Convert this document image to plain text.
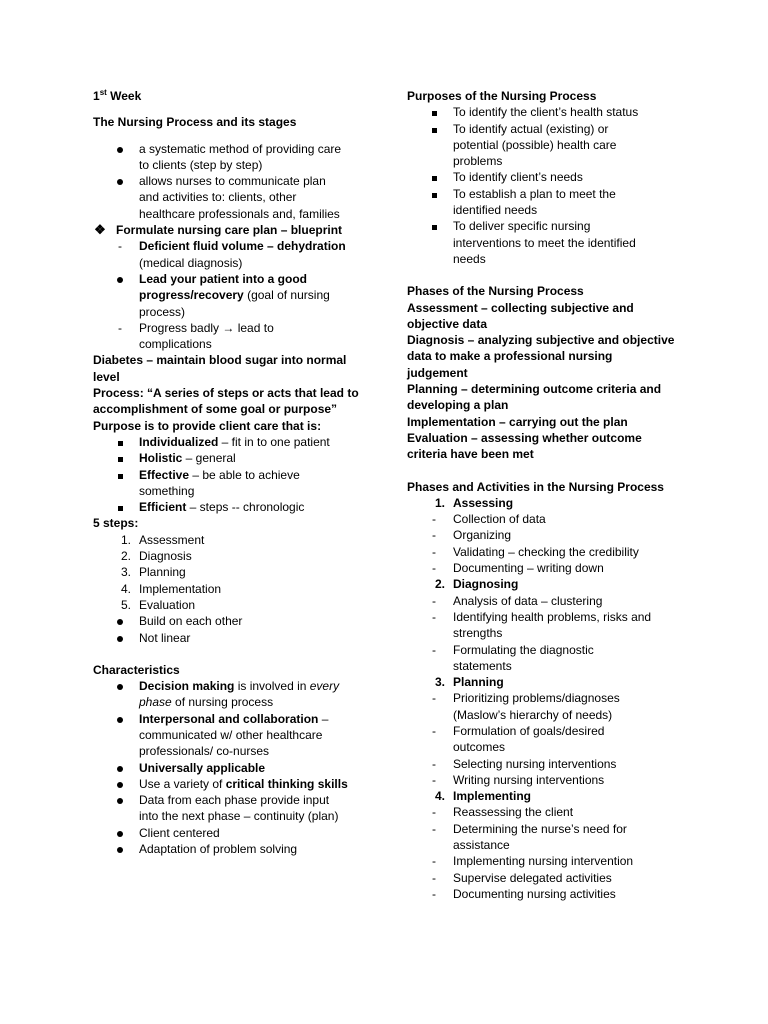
1st Week
The Nursing Process and its stages
a systematic method of providing care
to clients (step by step)
allows nurses to communicate plan
and activities to: clients, other
healthcare professionals and, families
❖ Formulate nursing care plan – blueprint
-	Deficient fluid volume – dehydration
(medical diagnosis)
Lead your patient into a good
progress/recovery (goal of nursing
process)
-	Progress badly → lead to
complications
Diabetes – maintain blood sugar into normal
level
Process: “A series of steps or acts that lead to
accomplishment of some goal or purpose”
Purpose is to provide client care that is:
Individualized – fit in to one patient
Holistic – general
Effective – be able to achieve
something
Efficient – steps -- chronologic
5 steps:
1. Assessment
2. Diagnosis
3. Planning
4. Implementation
5. Evaluation
Build on each other
Not linear
Characteristics
Decision making is involved in every
phase of nursing process
Interpersonal and collaboration –
communicated w/ other healthcare
professionals/ co-nurses
Universally applicable
Use a variety of critical thinking skills
Data from each phase provide input
into the next phase – continuity (plan)
Client centered
Adaptation of problem solving
Purposes of the Nursing Process
To identify the client’s health status
To identify actual (existing) or
potential (possible) health care
problems
To identify client’s needs
To establish a plan to meet the
identified needs
To deliver specific nursing
interventions to meet the identified
needs
Phases of the Nursing Process
Assessment – collecting subjective and
objective data
Diagnosis – analyzing subjective and objective
data to make a professional nursing
judgement
Planning – determining outcome criteria and
developing a plan
Implementation – carrying out the plan
Evaluation – assessing whether outcome
criteria have been met
Phases and Activities in the Nursing Process
1. Assessing
-	Collection of data
-	Organizing
-	Validating – checking the credibility
-	Documenting – writing down
2. Diagnosing
-	Analysis of data – clustering
-	Identifying health problems, risks and
strengths
-	Formulating the diagnostic
statements
3. Planning
-	Prioritizing problems/diagnoses
(Maslow’s hierarchy of needs)
-	Formulation of goals/desired
outcomes
-	Selecting nursing interventions
-	Writing nursing interventions
4. Implementing
-	Reassessing the client
-	Determining the nurse’s need for
assistance
-	Implementing nursing intervention
-	Supervise delegated activities
-	Documenting nursing activities
